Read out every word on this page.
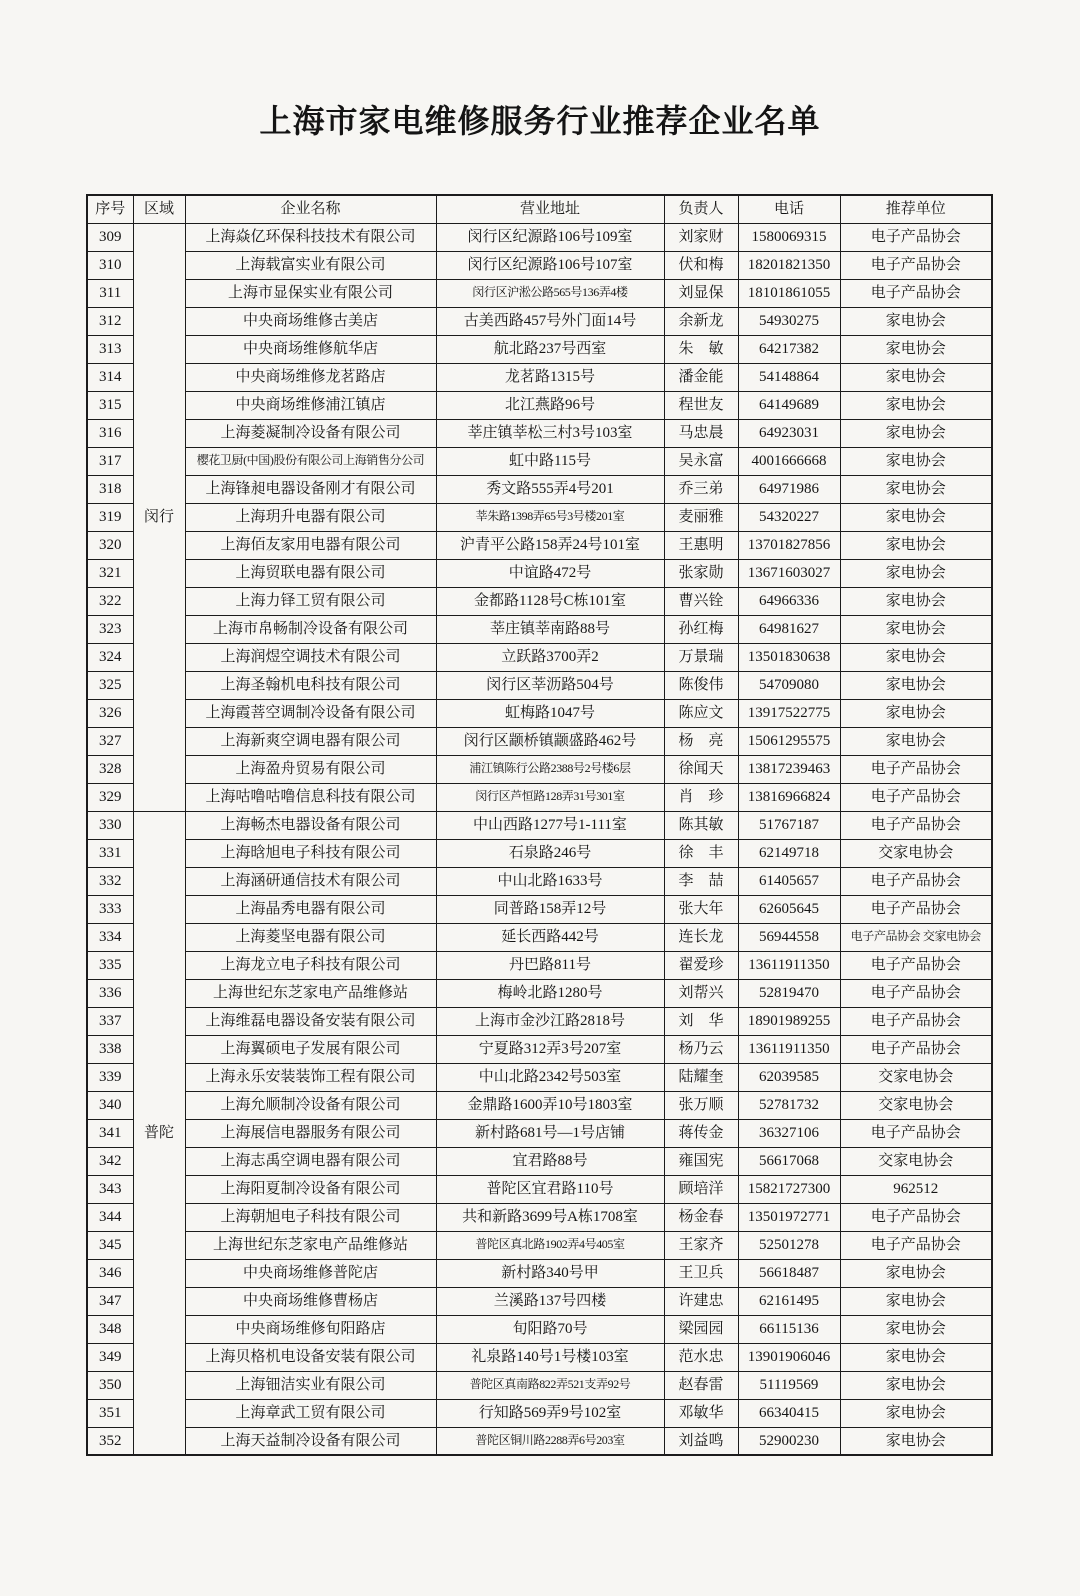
上海市家电维修服务行业推荐企业名单
序号	区域	企业名称	营业地址	负责人	电话	推荐单位
309	闵行	上海焱亿环保科技技术有限公司	闵行区纪源路106号109室	刘家财	1580069315	电子产品协会
310		上海载富实业有限公司	闵行区纪源路106号107室	伏和梅	18201821350	电子产品协会
311		上海市显保实业有限公司	闵行区沪淞公路565号136弄4楼	刘显保	18101861055	电子产品协会
312		中央商场维修古美店	古美西路457号外门面14号	余新龙	54930275	家电协会
313		中央商场维修航华店	航北路237号西室	朱　敏	64217382	家电协会
314		中央商场维修龙茗路店	龙茗路1315号	潘金能	54148864	家电协会
315		中央商场维修浦江镇店	北江燕路96号	程世友	64149689	家电协会
316		上海菱凝制冷设备有限公司	莘庄镇莘松三村3号103室	马忠晨	64923031	家电协会
317		樱花卫厨(中国)股份有限公司上海销售分公司	虹中路115号	吴永富	4001666668	家电协会
318		上海锋昶电器设备刚才有限公司	秀文路555弄4号201	乔三弟	64971986	家电协会
319		上海玥升电器有限公司	莘朱路1398弄65号3号楼201室	麦丽雅	54320227	家电协会
320		上海佰友家用电器有限公司	沪青平公路158弄24号101室	王惠明	13701827856	家电协会
321		上海贸联电器有限公司	中谊路472号	张家勋	13671603027	家电协会
322		上海力铎工贸有限公司	金都路1128号C栋101室	曹兴铨	64966336	家电协会
323		上海市帛畅制冷设备有限公司	莘庄镇莘南路88号	孙红梅	64981627	家电协会
324		上海润煜空调技术有限公司	立跃路3700弄2	万景瑞	13501830638	家电协会
325		上海圣翰机电科技有限公司	闵行区莘沥路504号	陈俊伟	54709080	家电协会
326		上海霞菩空调制冷设备有限公司	虹梅路1047号	陈应文	13917522775	家电协会
327		上海新爽空调电器有限公司	闵行区颛桥镇颛盛路462号	杨　亮	15061295575	家电协会
328		上海盈舟贸易有限公司	浦江镇陈行公路2388号2号楼6层	徐闻天	13817239463	电子产品协会
329		上海咕噜咕噜信息科技有限公司	闵行区芦恒路128弄31号301室	肖　珍	13816966824	电子产品协会
330	普陀	上海畅杰电器设备有限公司	中山西路1277号1-111室	陈其敏	51767187	电子产品协会
331		上海晗旭电子科技有限公司	石泉路246号	徐　丰	62149718	交家电协会
332		上海涵研通信技术有限公司	中山北路1633号	李　喆	61405657	电子产品协会
333		上海晶秀电器有限公司	同普路158弄12号	张大年	62605645	电子产品协会
334		上海菱坚电器有限公司	延长西路442号	连长龙	56944558	电子产品协会 交家电协会
335		上海龙立电子科技有限公司	丹巴路811号	翟爱珍	13611911350	电子产品协会
336		上海世纪东芝家电产品维修站	梅岭北路1280号	刘帮兴	52819470	电子产品协会
337		上海维磊电器设备安装有限公司	上海市金沙江路2818号	刘　华	18901989255	电子产品协会
338		上海翼硕电子发展有限公司	宁夏路312弄3号207室	杨乃云	13611911350	电子产品协会
339		上海永乐安装装饰工程有限公司	中山北路2342号503室	陆耀奎	62039585	交家电协会
340		上海允顺制冷设备有限公司	金鼎路1600弄10号1803室	张万顺	52781732	交家电协会
341		上海展信电器服务有限公司	新村路681号—1号店铺	蒋传金	36327106	电子产品协会
342		上海志禹空调电器有限公司	宜君路88号	雍国宪	56617068	交家电协会
343		上海阳夏制冷设备有限公司	普陀区宜君路110号	顾培洋	15821727300	962512
344		上海朝旭电子科技有限公司	共和新路3699号A栋1708室	杨金春	13501972771	电子产品协会
345		上海世纪东芝家电产品维修站	普陀区真北路1902弄4号405室	王家齐	52501278	电子产品协会
346		中央商场维修普陀店	新村路340号甲	王卫兵	56618487	家电协会
347		中央商场维修曹杨店	兰溪路137号四楼	许建忠	62161495	家电协会
348		中央商场维修旬阳路店	旬阳路70号	梁园园	66115136	家电协会
349		上海贝格机电设备安装有限公司	礼泉路140号1号楼103室	范水忠	13901906046	家电协会
350		上海钿洁实业有限公司	普陀区真南路822弄521支弄92号	赵春雷	51119569	家电协会
351		上海章武工贸有限公司	行知路569弄9号102室	邓敏华	66340415	家电协会
352		上海天益制冷设备有限公司	普陀区铜川路2288弄6号203室	刘益鸣	52900230	家电协会
